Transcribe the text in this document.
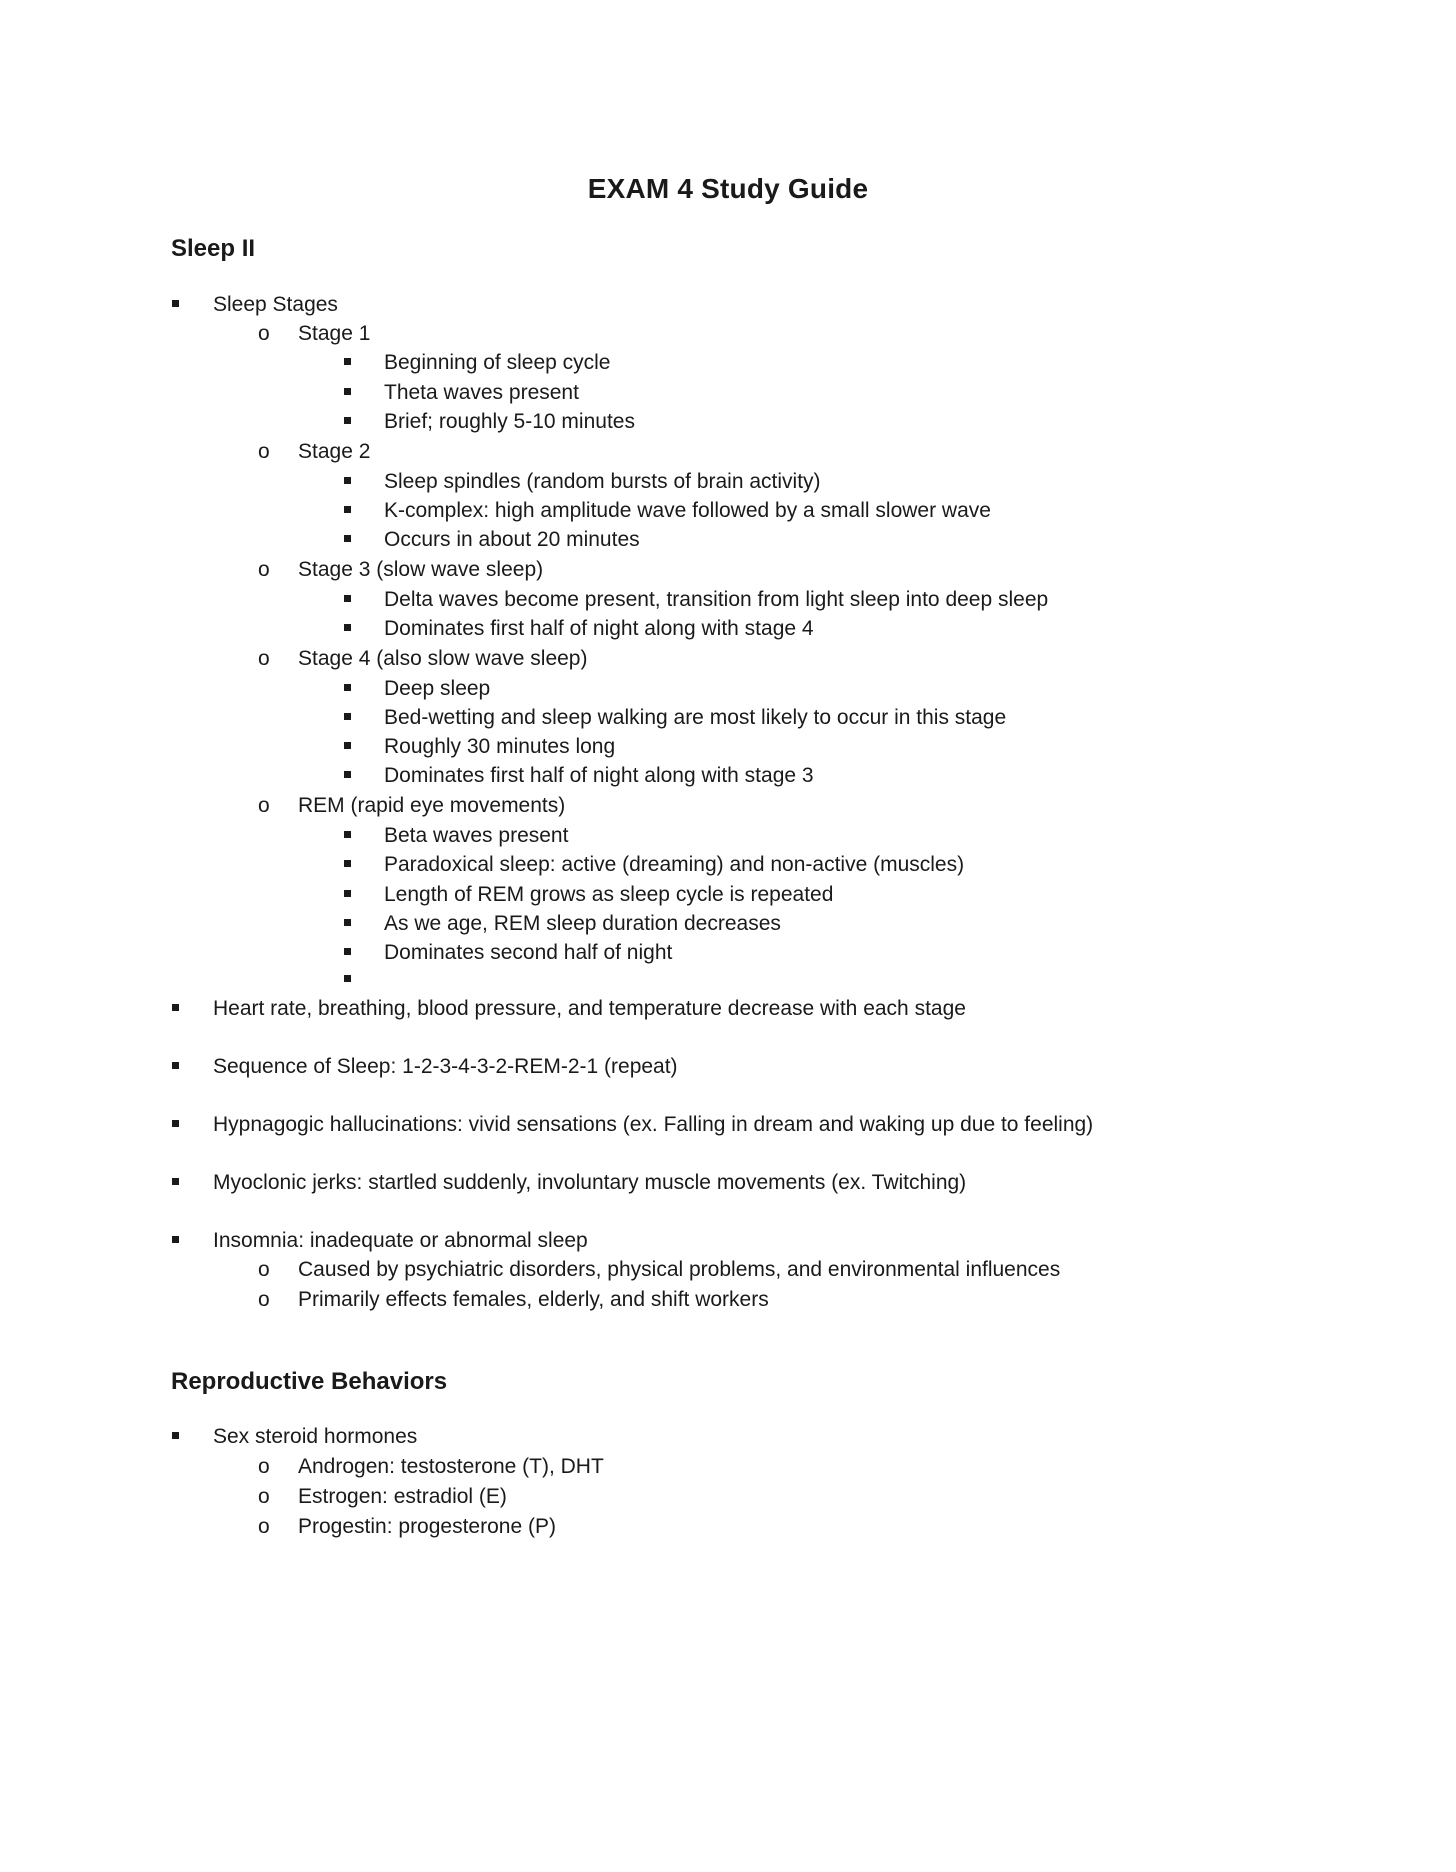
EXAM 4 Study Guide
Sleep II
Sleep Stages
o Stage 1
Beginning of sleep cycle
Theta waves present
Brief; roughly 5-10 minutes
o Stage 2
Sleep spindles (random bursts of brain activity)
K-complex: high amplitude wave followed by a small slower wave
Occurs in about 20 minutes
o Stage 3 (slow wave sleep)
Delta waves become present, transition from light sleep into deep sleep
Dominates first half of night along with stage 4
o Stage 4 (also slow wave sleep)
Deep sleep
Bed-wetting and sleep walking are most likely to occur in this stage
Roughly 30 minutes long
Dominates first half of night along with stage 3
o REM (rapid eye movements)
Beta waves present
Paradoxical sleep: active (dreaming) and non-active (muscles)
Length of REM grows as sleep cycle is repeated
As we age, REM sleep duration decreases
Dominates second half of night
Heart rate, breathing, blood pressure, and temperature decrease with each stage
Sequence of Sleep: 1-2-3-4-3-2-REM-2-1 (repeat)
Hypnagogic hallucinations: vivid sensations (ex. Falling in dream and waking up due to feeling)
Myoclonic jerks: startled suddenly, involuntary muscle movements (ex. Twitching)
Insomnia: inadequate or abnormal sleep
o Caused by psychiatric disorders, physical problems, and environmental influences
o Primarily effects females, elderly, and shift workers
Reproductive Behaviors
Sex steroid hormones
o Androgen: testosterone (T), DHT
o Estrogen: estradiol (E)
o Progestin: progesterone (P)
